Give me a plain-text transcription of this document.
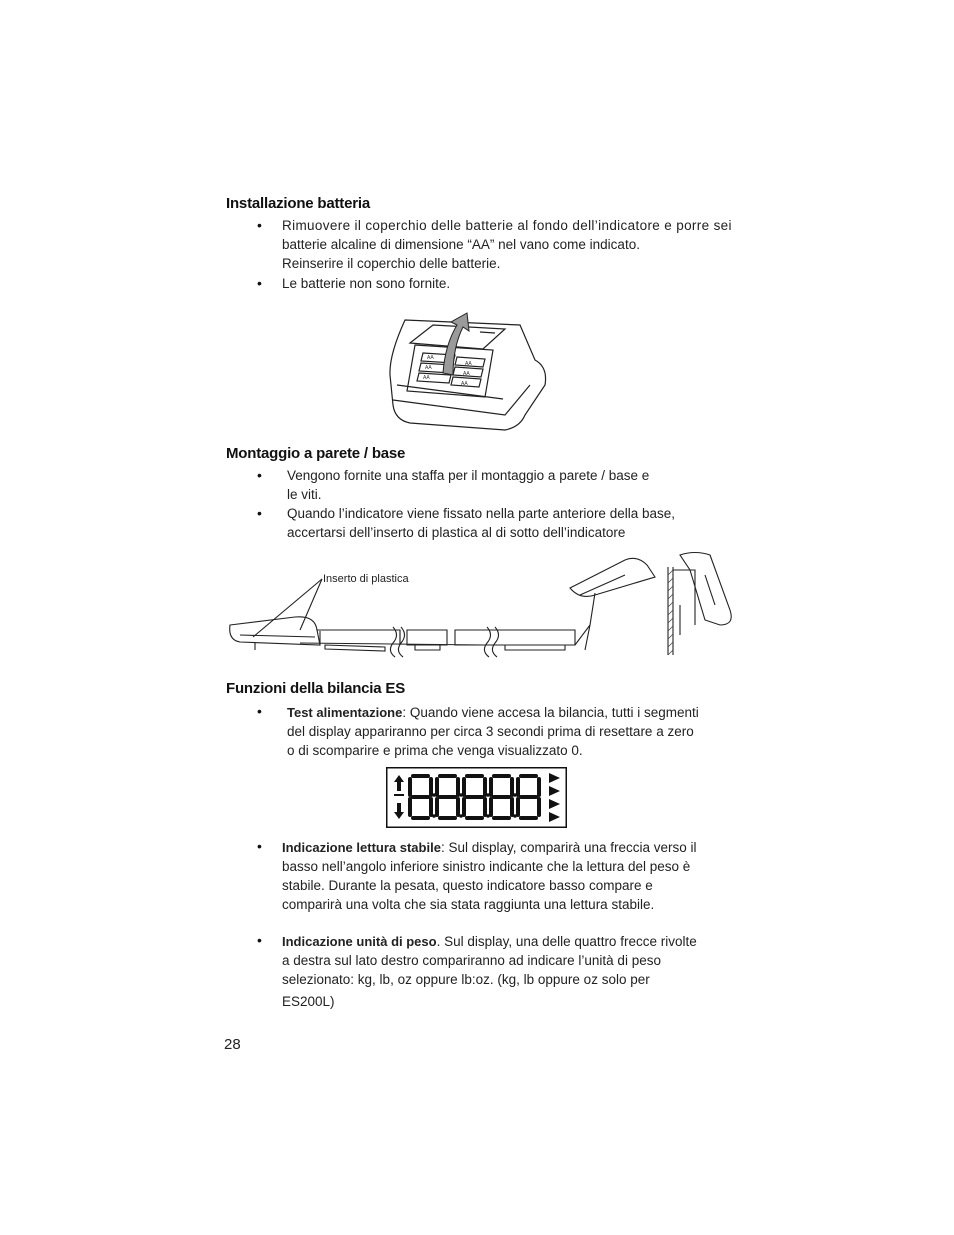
Installazione batteria
• Rimuovere il coperchio delle batterie al fondo dell’indicatore e porre sei
batterie alcaline di dimensione “AA” nel vano come indicato.
Reinserire il coperchio delle batterie.
• Le batterie non sono fornite.
AA
AA
AA
AA
AA
AA
Montaggio a parete / base
• Vengono fornite una staffa per il montaggio a parete / base e
le viti.
• Quando l’indicatore viene fissato nella parte anteriore della base,
accertarsi dell’inserto di plastica al di sotto dell’indicatore
Inserto di plastica
Funzioni della bilancia ES
• Test alimentazione: Quando viene accesa la bilancia, tutti i segmenti
del display appariranno per circa 3 secondi prima di resettare a zero
o di scomparire e prima che venga visualizzato 0.
• Indicazione lettura stabile: Sul display, comparirà una freccia verso il
basso nell’angolo inferiore sinistro indicante che la lettura del peso è
stabile. Durante la pesata, questo indicatore basso compare e
comparirà una volta che sia stata raggiunta una lettura stabile.
• Indicazione unità di peso. Sul display, una delle quattro frecce rivolte
a destra sul lato destro compariranno ad indicare l’unità di peso
selezionato: kg, lb, oz oppure lb:oz. (kg, lb oppure oz solo per
ES200L)
28
